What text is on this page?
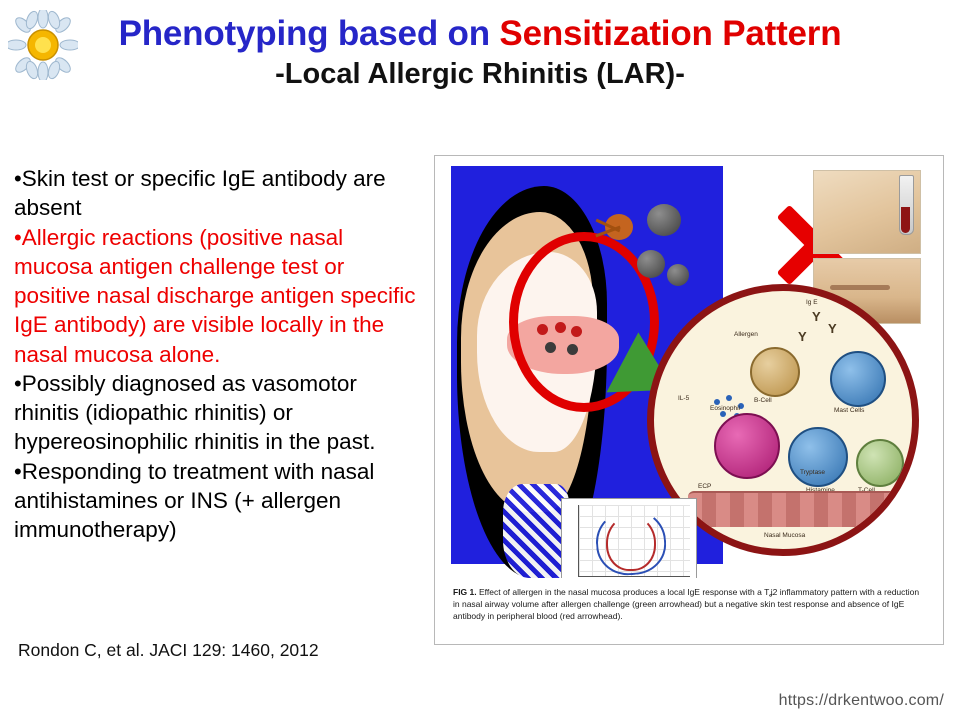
Phenotyping based on Sensitization Pattern
-Local Allergic Rhinitis (LAR)-
•Skin test or specific IgE antibody are absent
•Allergic reactions (positive nasal mucosa antigen challenge test or positive nasal discharge antigen specific IgE antibody) are visible locally in the nasal mucosa alone.
•Possibly diagnosed as vasomotor rhinitis (idiopathic rhinitis) or hypereosinophilic rhinitis in the past.
•Responding to treatment with nasal antihistamines or INS (+ allergen immunotherapy)
Rondon C, et al. JACI 129: 1460, 2012
Y
Y
Y
Ig E
Allergen
B-Cell
Mast Cells
IL-5
Eosinophil
ECP
Tryptase
Nasal Mucosa
FIG 1. Effect of allergen in the nasal mucosa produces a local IgE response with a Tʝ2 inflammatory pattern with a reduction in nasal airway volume after allergen challenge (green arrowhead) but a negative skin test response and absence of IgE antibody in peripheral blood (red arrowhead).
https://drkentwoo.com/
